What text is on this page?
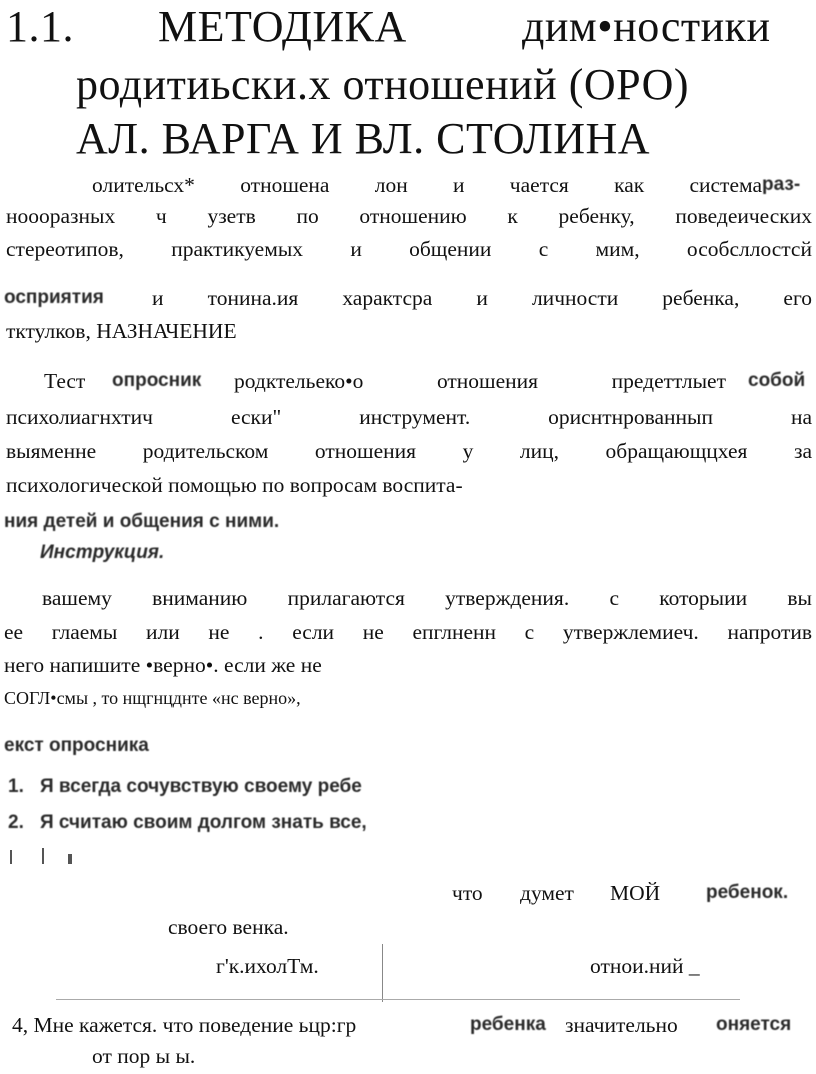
1.1. МЕТОДИКА	дим•ностики
родитиьски.х отношений (ОРО)
АЛ. ВАРГА И ВЛ. СТОЛИНА
олительсх* отношена лон и чается как система раз-
ноооразных ч узетв по отношению к ребенку, поведеических
стереотипов, практикуемых и общении с мим, особсллостсй
осприятия и тонина.ия характсра и личности ребенка, его
тктулков, НАЗНАЧЕНИЕ
Тест опросник родктельеко•о отношения предеттлыет собой
психолиагнхтич ески" инструмент. ориснтнрованнып на
выяменне родительском отношения у лиц, обращающцхея за
психологической помощью по вопросам воспита-
ния детей и общения с ними.
Инструкция.
вашему вниманию прилагаются утверждения. с которыии вы
ее глаемы или не . если не епглненн с утвержлемиеч. напротив
него напишите •верно•. если же не
СОГЛ•смы , то нщгнцднте «нс верно»,
екст опросника
1. Я всегда сочувствую своему ребе
2. Я считаю своим долгом знать все,
что думет МОЙ ребенок.
своего венка.
г'к.ихолТм.	отнои.ний _
4, Мне кажется. что поведение ьцр:гр	ребенка значительно оняется
от пор ы ы.
